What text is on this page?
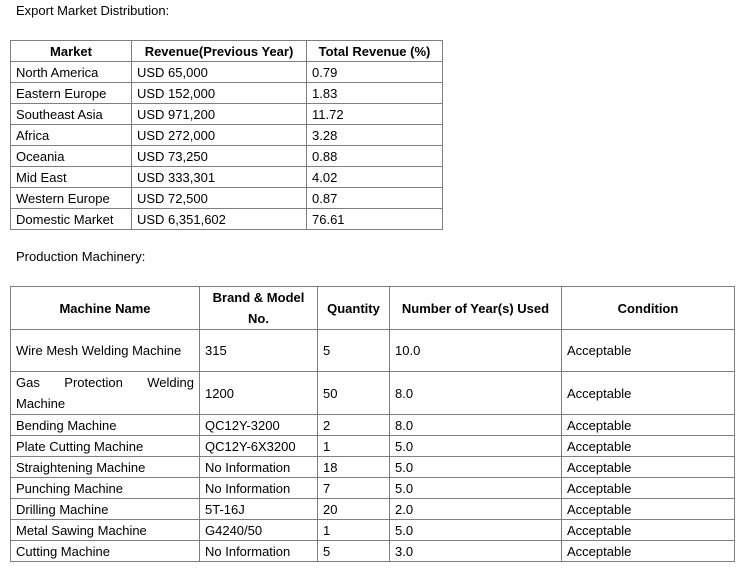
Export Market Distribution:
Market	Revenue(Previous Year)	Total Revenue (%)
North America	USD 65,000	0.79
Eastern Europe	USD 152,000	1.83
Southeast Asia	USD 971,200	11.72
Africa	USD 272,000	3.28
Oceania	USD 73,250	0.88
Mid East	USD 333,301	4.02
Western Europe	USD 72,500	0.87
Domestic Market	USD 6,351,602	76.61
Production Machinery:
Machine Name	Brand & Model No.	Quantity	Number of Year(s) Used	Condition
Wire Mesh Welding Machine	315	5	10.0	Acceptable
Gas Protection Welding Machine	1200	50	8.0	Acceptable
Bending Machine	QC12Y-3200	2	8.0	Acceptable
Plate Cutting Machine	QC12Y-6X3200	1	5.0	Acceptable
Straightening Machine	No Information	18	5.0	Acceptable
Punching Machine	No Information	7	5.0	Acceptable
Drilling Machine	5T-16J	20	2.0	Acceptable
Metal Sawing Machine	G4240/50	1	5.0	Acceptable
Cutting Machine	No Information	5	3.0	Acceptable
